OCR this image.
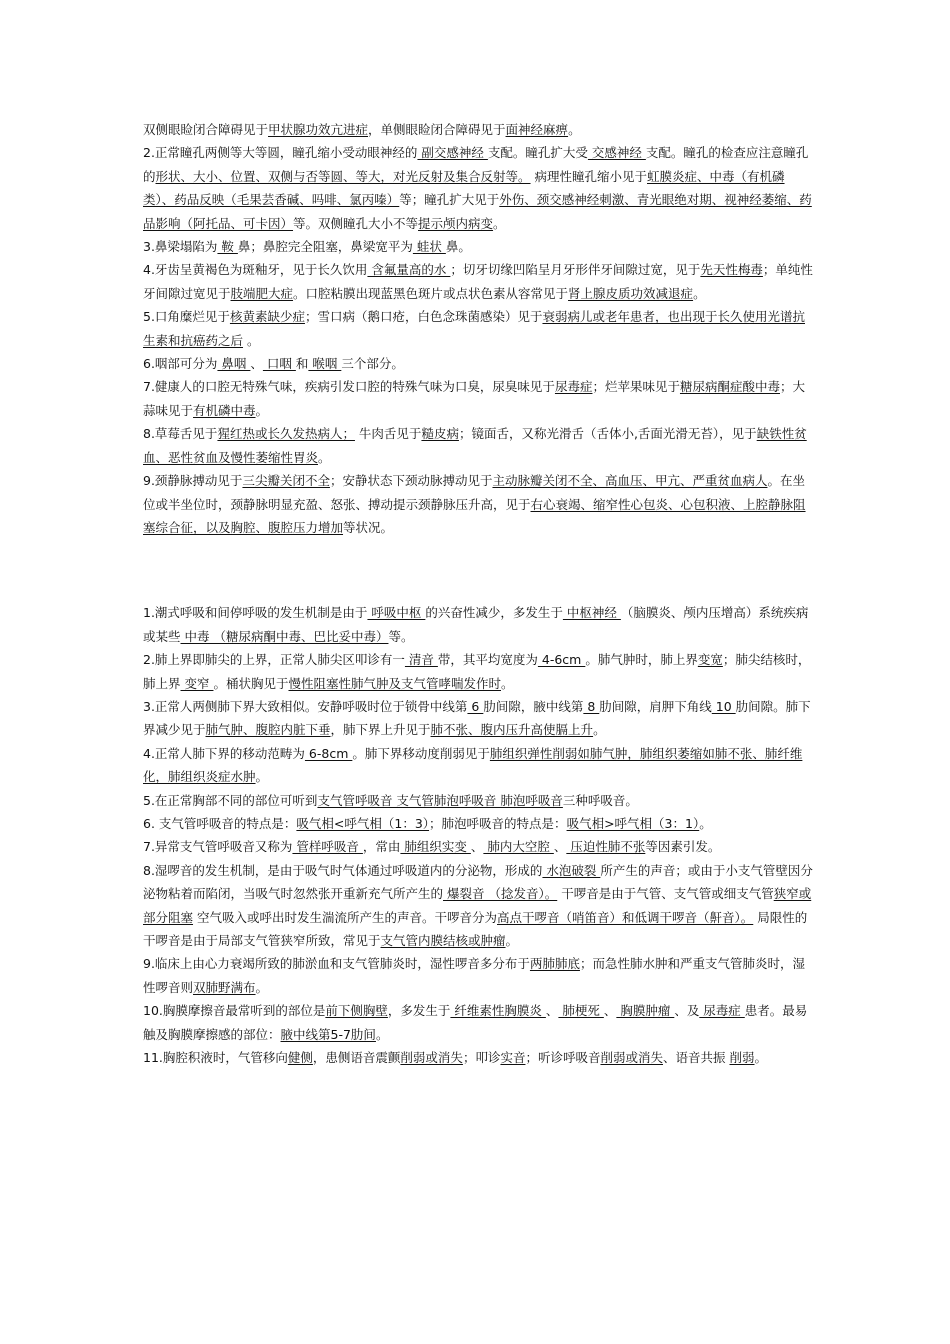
双侧眼睑闭合障碍见于甲状腺功效亢进症，单侧眼睑闭合障碍见于面神经麻痹。

2.正常瞳孔两侧等大等圆，瞳孔缩小受动眼神经的 副交感神经 支配。瞳孔扩大受 交感神经 支配。瞳孔的检查应注意瞳孔的形状、大小、位置、双侧与否等圆、等大，对光反射及集合反射等。 病理性瞳孔缩小见于虹膜炎症、中毒（有机磷类）、药品反映（毛果芸香碱、吗啡、氯丙嗪）等；瞳孔扩大见于外伤、颈交感神经刺激、青光眼绝对期、视神经萎缩、药品影响（阿托品、可卡因）等。双侧瞳孔大小不等提示颅内病变。

3.鼻梁塌陷为 鞍 鼻；鼻腔完全阻塞，鼻梁宽平为 蛙状 鼻。

4.牙齿呈黄褐色为斑釉牙，见于长久饮用 含氟量高的水 ；切牙切缘凹陷呈月牙形伴牙间隙过宽，见于先天性梅毒；单纯性牙间隙过宽见于肢端肥大症。口腔粘膜出现蓝黑色斑片或点状色素从容常见于肾上腺皮质功效减退症。

5.口角糜烂见于核黄素缺少症；雪口病（鹅口疮，白色念珠菌感染）见于衰弱病儿或老年患者，也出现于长久使用光谱抗生素和抗癌药之后 。

6.咽部可分为 鼻咽 、 口咽 和 喉咽 三个部分。

7.健康人的口腔无特殊气味，疾病引发口腔的特殊气味为口臭，尿臭味见于尿毒症；烂苹果味见于糖尿病酮症酸中毒；大蒜味见于有机磷中毒。

8.草莓舌见于猩红热或长久发热病人； 牛肉舌见于糙皮病；镜面舌，又称光滑舌（舌体小,舌面光滑无苔），见于缺铁性贫血、恶性贫血及慢性萎缩性胃炎。

9.颈静脉搏动见于三尖瓣关闭不全；安静状态下颈动脉搏动见于主动脉瓣关闭不全、高血压、甲亢、严重贫血病人。在坐位或半坐位时，颈静脉明显充盈、怒张、搏动提示颈静脉压升高，见于右心衰竭、缩窄性心包炎、心包积液、上腔静脉阻塞综合征，以及胸腔、腹腔压力增加等状况。

1.潮式呼吸和间停呼吸的发生机制是由于 呼吸中枢 的兴奋性减少，多发生于 中枢神经 （脑膜炎、颅内压增高）系统疾病或某些 中毒 （糖尿病酮中毒、巴比妥中毒）等。

2.肺上界即肺尖的上界，正常人肺尖区叩诊有一 清音 带，其平均宽度为 4-6cm 。肺气肿时，肺上界变宽；肺尖结核时，肺上界 变窄 。桶状胸见于慢性阻塞性肺气肿及支气管哮喘发作时。

3.正常人两侧肺下界大致相似。安静呼吸时位于锁骨中线第 6 肋间隙，腋中线第 8 肋间隙，肩胛下角线 10 肋间隙。肺下界减少见于肺气肿、腹腔内脏下垂，肺下界上升见于肺不张、腹内压升高使膈上升。

4.正常人肺下界的移动范畴为 6-8cm 。肺下界移动度削弱见于肺组织弹性削弱如肺气肿，肺组织萎缩如肺不张、肺纤维化，肺组织炎症水肿。

5.在正常胸部不同的部位可听到支气管呼吸音 支气管肺泡呼吸音 肺泡呼吸音三种呼吸音。

6. 支气管呼吸音的特点是：吸气相<呼气相（1：3）；肺泡呼吸音的特点是：吸气相>呼气相（3：1）。

7.异常支气管呼吸音又称为 管样呼吸音 ，常由 肺组织实变 、 肺内大空腔 、 压迫性肺不张等因素引发。

8.湿啰音的发生机制，是由于吸气时气体通过呼吸道内的分泌物，形成的 水泡破裂 所产生的声音；或由于小支气管壁因分泌物粘着而陷闭，当吸气时忽然张开重新充气所产生的 爆裂音 （捻发音）。 干啰音是由于气管、支气管或细支气管狭窄或部分阻塞 空气吸入或呼出时发生湍流所产生的声音。干啰音分为高点干啰音（哨笛音）和低调干啰音（鼾音）。 局限性的干啰音是由于局部支气管狭窄所致，常见于支气管内膜结核或肿瘤。

9.临床上由心力衰竭所致的肺淤血和支气管肺炎时，湿性啰音多分布于两肺肺底；而急性肺水肿和严重支气管肺炎时，湿性啰音则双肺野满布。

10.胸膜摩擦音最常听到的部位是前下侧胸壁，多发生于 纤维素性胸膜炎 、 肺梗死 、 胸膜肿瘤 、及 尿毒症 患者。最易触及胸膜摩擦感的部位：腋中线第5-7肋间。

11.胸腔积液时，气管移向健侧，患侧语音震颤削弱或消失；叩诊实音；听诊呼吸音削弱或消失、语音共振 削弱。
